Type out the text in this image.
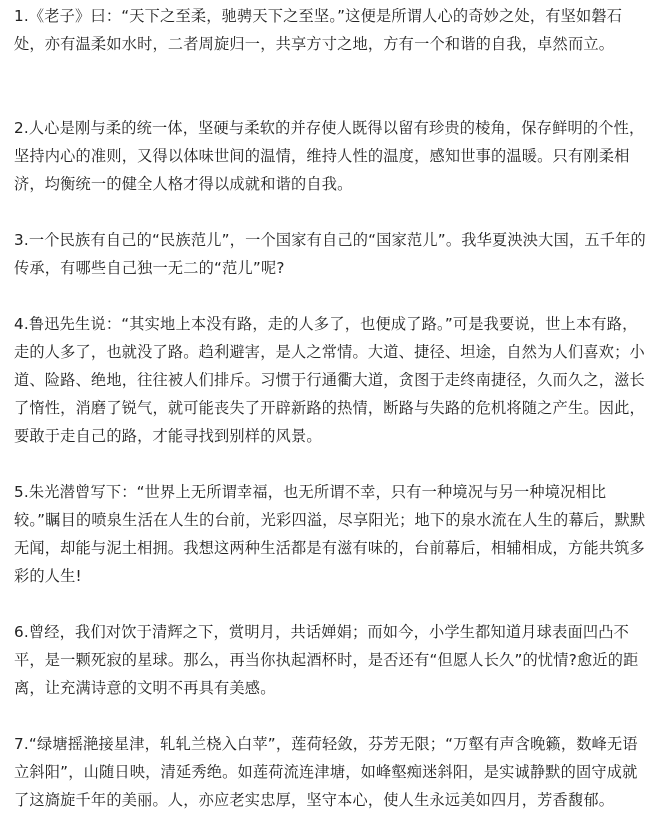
1.《老子》曰：“天下之至柔，驰骋天下之至坚。”这便是所谓人心的奇妙之处，有坚如磐石处，亦有温柔如水时，二者周旋归一，共享方寸之地，方有一个和谐的自我，卓然而立。

2.人心是刚与柔的统一体，坚硬与柔软的并存使人既得以留有珍贵的棱角，保存鲜明的个性，坚持内心的准则，又得以体味世间的温情，维持人性的温度，感知世事的温暖。只有刚柔相济，均衡统一的健全人格才得以成就和谐的自我。

3.一个民族有自己的“民族范儿”，一个国家有自己的“国家范儿”。我华夏泱泱大国，五千年的传承，有哪些自己独一无二的“范儿”呢?

4.鲁迅先生说：“其实地上本没有路，走的人多了，也便成了路。”可是我要说，世上本有路，走的人多了，也就没了路。趋利避害，是人之常情。大道、捷径、坦途，自然为人们喜欢；小道、险路、绝地，往往被人们排斥。习惯于行通衢大道，贪图于走终南捷径，久而久之，滋长了惰性，消磨了锐气，就可能丧失了开辟新路的热情，断路与失路的危机将随之产生。因此，要敢于走自己的路，才能寻找到别样的风景。

5.朱光潜曾写下：“世界上无所谓幸福，也无所谓不幸，只有一种境况与另一种境况相比较。”瞩目的喷泉生活在人生的台前，光彩四溢，尽享阳光；地下的泉水流在人生的幕后，默默无闻，却能与泥土相拥。我想这两种生活都是有滋有味的，台前幕后，相辅相成，方能共筑多彩的人生!

6.曾经，我们对饮于清辉之下，赏明月，共话婵娟；而如今，小学生都知道月球表面凹凸不平，是一颗死寂的星球。那么，再当你执起酒杯时，是否还有“但愿人长久”的忧情?愈近的距离，让充满诗意的文明不再具有美感。

7.“绿塘摇滟接星津，轧轧兰桡入白苹”，莲荷轻敛，芬芳无限；“万壑有声含晚籁，数峰无语立斜阳”，山随日映，清延秀绝。如莲荷流连津塘，如峰壑痴迷斜阳，是实诚静默的固守成就了这旖旋千年的美丽。人，亦应老实忠厚，坚守本心，使人生永远美如四月，芳香馥郁。
